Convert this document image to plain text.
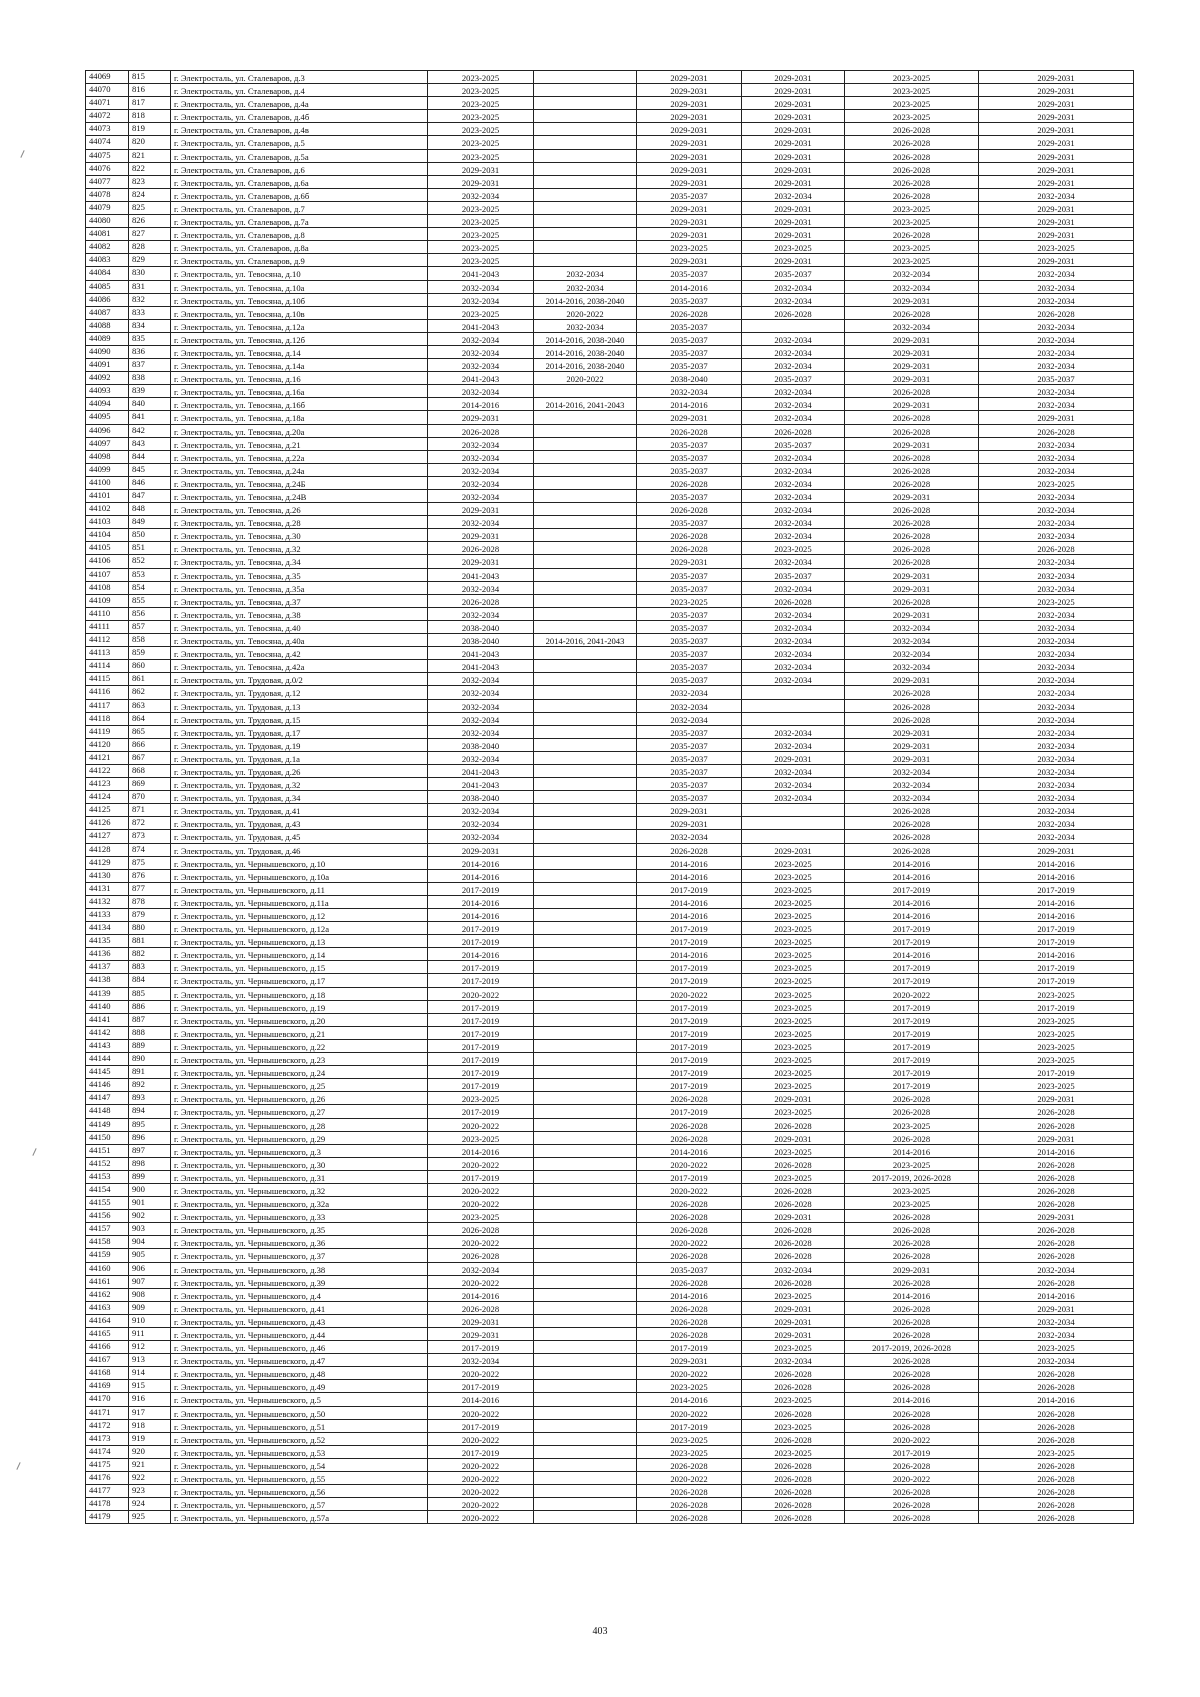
44069	815	г. Электросталь, ул. Сталеваров, д.3	2023-2025		2029-2031	2029-2031	2023-2025	2029-2031
44070	816	г. Электросталь, ул. Сталеваров, д.4	2023-2025		2029-2031	2029-2031	2023-2025	2029-2031
44071	817	г. Электросталь, ул. Сталеваров, д.4а	2023-2025		2029-2031	2029-2031	2023-2025	2029-2031
44072	818	г. Электросталь, ул. Сталеваров, д.4б	2023-2025		2029-2031	2029-2031	2023-2025	2029-2031
44073	819	г. Электросталь, ул. Сталеваров, д.4в	2023-2025		2029-2031	2029-2031	2026-2028	2029-2031
44074	820	г. Электросталь, ул. Сталеваров, д.5	2023-2025		2029-2031	2029-2031	2026-2028	2029-2031
44075	821	г. Электросталь, ул. Сталеваров, д.5а	2023-2025		2029-2031	2029-2031	2026-2028	2029-2031
44076	822	г. Электросталь, ул. Сталеваров, д.6	2029-2031		2029-2031	2029-2031	2026-2028	2029-2031
44077	823	г. Электросталь, ул. Сталеваров, д.6а	2029-2031		2029-2031	2029-2031	2026-2028	2029-2031
44078	824	г. Электросталь, ул. Сталеваров, д.6б	2032-2034		2035-2037	2032-2034	2026-2028	2032-2034
44079	825	г. Электросталь, ул. Сталеваров, д.7	2023-2025		2029-2031	2029-2031	2023-2025	2029-2031
44080	826	г. Электросталь, ул. Сталеваров, д.7а	2023-2025		2029-2031	2029-2031	2023-2025	2029-2031
44081	827	г. Электросталь, ул. Сталеваров, д.8	2023-2025		2029-2031	2029-2031	2026-2028	2029-2031
44082	828	г. Электросталь, ул. Сталеваров, д.8а	2023-2025		2023-2025	2023-2025	2023-2025	2023-2025
44083	829	г. Электросталь, ул. Сталеваров, д.9	2023-2025		2029-2031	2029-2031	2023-2025	2029-2031
44084	830	г. Электросталь, ул. Тевосяна, д.10	2041-2043	2032-2034	2035-2037	2035-2037	2032-2034	2032-2034
44085	831	г. Электросталь, ул. Тевосяна, д.10а	2032-2034	2032-2034	2014-2016	2032-2034	2032-2034	2032-2034
44086	832	г. Электросталь, ул. Тевосяна, д.10б	2032-2034	2014-2016, 2038-2040	2035-2037	2032-2034	2029-2031	2032-2034
44087	833	г. Электросталь, ул. Тевосяна, д.10в	2023-2025	2020-2022	2026-2028	2026-2028	2026-2028	2026-2028
44088	834	г. Электросталь, ул. Тевосяна, д.12а	2041-2043	2032-2034	2035-2037		2032-2034	2032-2034
44089	835	г. Электросталь, ул. Тевосяна, д.12б	2032-2034	2014-2016, 2038-2040	2035-2037	2032-2034	2029-2031	2032-2034
44090	836	г. Электросталь, ул. Тевосяна, д.14	2032-2034	2014-2016, 2038-2040	2035-2037	2032-2034	2029-2031	2032-2034
44091	837	г. Электросталь, ул. Тевосяна, д.14а	2032-2034	2014-2016, 2038-2040	2035-2037	2032-2034	2029-2031	2032-2034
44092	838	г. Электросталь, ул. Тевосяна, д.16	2041-2043	2020-2022	2038-2040	2035-2037	2029-2031	2035-2037
44093	839	г. Электросталь, ул. Тевосяна, д.16а	2032-2034		2032-2034	2032-2034	2026-2028	2032-2034
44094	840	г. Электросталь, ул. Тевосяна, д.16б	2014-2016	2014-2016, 2041-2043	2014-2016	2032-2034	2029-2031	2032-2034
44095	841	г. Электросталь, ул. Тевосяна, д.18а	2029-2031		2029-2031	2032-2034	2026-2028	2029-2031
44096	842	г. Электросталь, ул. Тевосяна, д.20а	2026-2028		2026-2028	2026-2028	2026-2028	2026-2028
44097	843	г. Электросталь, ул. Тевосяна, д.21	2032-2034		2035-2037	2035-2037	2029-2031	2032-2034
44098	844	г. Электросталь, ул. Тевосяна, д.22а	2032-2034		2035-2037	2032-2034	2026-2028	2032-2034
44099	845	г. Электросталь, ул. Тевосяна, д.24а	2032-2034		2035-2037	2032-2034	2026-2028	2032-2034
44100	846	г. Электросталь, ул. Тевосяна, д.24Б	2032-2034		2026-2028	2032-2034	2026-2028	2023-2025
44101	847	г. Электросталь, ул. Тевосяна, д.24В	2032-2034		2035-2037	2032-2034	2029-2031	2032-2034
44102	848	г. Электросталь, ул. Тевосяна, д.26	2029-2031		2026-2028	2032-2034	2026-2028	2032-2034
44103	849	г. Электросталь, ул. Тевосяна, д.28	2032-2034		2035-2037	2032-2034	2026-2028	2032-2034
44104	850	г. Электросталь, ул. Тевосяна, д.30	2029-2031		2026-2028	2032-2034	2026-2028	2032-2034
44105	851	г. Электросталь, ул. Тевосяна, д.32	2026-2028		2026-2028	2023-2025	2026-2028	2026-2028
44106	852	г. Электросталь, ул. Тевосяна, д.34	2029-2031		2029-2031	2032-2034	2026-2028	2032-2034
44107	853	г. Электросталь, ул. Тевосяна, д.35	2041-2043		2035-2037	2035-2037	2029-2031	2032-2034
44108	854	г. Электросталь, ул. Тевосяна, д.35а	2032-2034		2035-2037	2032-2034	2029-2031	2032-2034
44109	855	г. Электросталь, ул. Тевосяна, д.37	2026-2028		2023-2025	2026-2028	2026-2028	2023-2025
44110	856	г. Электросталь, ул. Тевосяна, д.38	2032-2034		2035-2037	2032-2034	2029-2031	2032-2034
44111	857	г. Электросталь, ул. Тевосяна, д.40	2038-2040		2035-2037	2032-2034	2032-2034	2032-2034
44112	858	г. Электросталь, ул. Тевосяна, д.40а	2038-2040	2014-2016, 2041-2043	2035-2037	2032-2034	2032-2034	2032-2034
44113	859	г. Электросталь, ул. Тевосяна, д.42	2041-2043		2035-2037	2032-2034	2032-2034	2032-2034
44114	860	г. Электросталь, ул. Тевосяна, д.42а	2041-2043		2035-2037	2032-2034	2032-2034	2032-2034
44115	861	г. Электросталь, ул. Трудовая, д.0/2	2032-2034		2035-2037	2032-2034	2029-2031	2032-2034
44116	862	г. Электросталь, ул. Трудовая, д.12	2032-2034		2032-2034		2026-2028	2032-2034
44117	863	г. Электросталь, ул. Трудовая, д.13	2032-2034		2032-2034		2026-2028	2032-2034
44118	864	г. Электросталь, ул. Трудовая, д.15	2032-2034		2032-2034		2026-2028	2032-2034
44119	865	г. Электросталь, ул. Трудовая, д.17	2032-2034		2035-2037	2032-2034	2029-2031	2032-2034
44120	866	г. Электросталь, ул. Трудовая, д.19	2038-2040		2035-2037	2032-2034	2029-2031	2032-2034
44121	867	г. Электросталь, ул. Трудовая, д.1а	2032-2034		2035-2037	2029-2031	2029-2031	2032-2034
44122	868	г. Электросталь, ул. Трудовая, д.26	2041-2043		2035-2037	2032-2034	2032-2034	2032-2034
44123	869	г. Электросталь, ул. Трудовая, д.32	2041-2043		2035-2037	2032-2034	2032-2034	2032-2034
44124	870	г. Электросталь, ул. Трудовая, д.34	2038-2040		2035-2037	2032-2034	2032-2034	2032-2034
44125	871	г. Электросталь, ул. Трудовая, д.41	2032-2034		2029-2031		2026-2028	2032-2034
44126	872	г. Электросталь, ул. Трудовая, д.43	2032-2034		2029-2031		2026-2028	2032-2034
44127	873	г. Электросталь, ул. Трудовая, д.45	2032-2034		2032-2034		2026-2028	2032-2034
44128	874	г. Электросталь, ул. Трудовая, д.46	2029-2031		2026-2028	2029-2031	2026-2028	2029-2031
44129	875	г. Электросталь, ул. Чернышевского, д.10	2014-2016		2014-2016	2023-2025	2014-2016	2014-2016
44130	876	г. Электросталь, ул. Чернышевского, д.10а	2014-2016		2014-2016	2023-2025	2014-2016	2014-2016
44131	877	г. Электросталь, ул. Чернышевского, д.11	2017-2019		2017-2019	2023-2025	2017-2019	2017-2019
44132	878	г. Электросталь, ул. Чернышевского, д.11а	2014-2016		2014-2016	2023-2025	2014-2016	2014-2016
44133	879	г. Электросталь, ул. Чернышевского, д.12	2014-2016		2014-2016	2023-2025	2014-2016	2014-2016
44134	880	г. Электросталь, ул. Чернышевского, д.12а	2017-2019		2017-2019	2023-2025	2017-2019	2017-2019
44135	881	г. Электросталь, ул. Чернышевского, д.13	2017-2019		2017-2019	2023-2025	2017-2019	2017-2019
44136	882	г. Электросталь, ул. Чернышевского, д.14	2014-2016		2014-2016	2023-2025	2014-2016	2014-2016
44137	883	г. Электросталь, ул. Чернышевского, д.15	2017-2019		2017-2019	2023-2025	2017-2019	2017-2019
44138	884	г. Электросталь, ул. Чернышевского, д.17	2017-2019		2017-2019	2023-2025	2017-2019	2017-2019
44139	885	г. Электросталь, ул. Чернышевского, д.18	2020-2022		2020-2022	2023-2025	2020-2022	2023-2025
44140	886	г. Электросталь, ул. Чернышевского, д.19	2017-2019		2017-2019	2023-2025	2017-2019	2017-2019
44141	887	г. Электросталь, ул. Чернышевского, д.20	2017-2019		2017-2019	2023-2025	2017-2019	2023-2025
44142	888	г. Электросталь, ул. Чернышевского, д.21	2017-2019		2017-2019	2023-2025	2017-2019	2023-2025
44143	889	г. Электросталь, ул. Чернышевского, д.22	2017-2019		2017-2019	2023-2025	2017-2019	2023-2025
44144	890	г. Электросталь, ул. Чернышевского, д.23	2017-2019		2017-2019	2023-2025	2017-2019	2023-2025
44145	891	г. Электросталь, ул. Чернышевского, д.24	2017-2019		2017-2019	2023-2025	2017-2019	2017-2019
44146	892	г. Электросталь, ул. Чернышевского, д.25	2017-2019		2017-2019	2023-2025	2017-2019	2023-2025
44147	893	г. Электросталь, ул. Чернышевского, д.26	2023-2025		2026-2028	2029-2031	2026-2028	2029-2031
44148	894	г. Электросталь, ул. Чернышевского, д.27	2017-2019		2017-2019	2023-2025	2026-2028	2026-2028
44149	895	г. Электросталь, ул. Чернышевского, д.28	2020-2022		2026-2028	2026-2028	2023-2025	2026-2028
44150	896	г. Электросталь, ул. Чернышевского, д.29	2023-2025		2026-2028	2029-2031	2026-2028	2029-2031
44151	897	г. Электросталь, ул. Чернышевского, д.3	2014-2016		2014-2016	2023-2025	2014-2016	2014-2016
44152	898	г. Электросталь, ул. Чернышевского, д.30	2020-2022		2020-2022	2026-2028	2023-2025	2026-2028
44153	899	г. Электросталь, ул. Чернышевского, д.31	2017-2019		2017-2019	2023-2025	2017-2019, 2026-2028	2026-2028
44154	900	г. Электросталь, ул. Чернышевского, д.32	2020-2022		2020-2022	2026-2028	2023-2025	2026-2028
44155	901	г. Электросталь, ул. Чернышевского, д.32а	2020-2022		2026-2028	2026-2028	2023-2025	2026-2028
44156	902	г. Электросталь, ул. Чернышевского, д.33	2023-2025		2026-2028	2029-2031	2026-2028	2029-2031
44157	903	г. Электросталь, ул. Чернышевского, д.35	2026-2028		2026-2028	2026-2028	2026-2028	2026-2028
44158	904	г. Электросталь, ул. Чернышевского, д.36	2020-2022		2020-2022	2026-2028	2026-2028	2026-2028
44159	905	г. Электросталь, ул. Чернышевского, д.37	2026-2028		2026-2028	2026-2028	2026-2028	2026-2028
44160	906	г. Электросталь, ул. Чернышевского, д.38	2032-2034		2035-2037	2032-2034	2029-2031	2032-2034
44161	907	г. Электросталь, ул. Чернышевского, д.39	2020-2022		2026-2028	2026-2028	2026-2028	2026-2028
44162	908	г. Электросталь, ул. Чернышевского, д.4	2014-2016		2014-2016	2023-2025	2014-2016	2014-2016
44163	909	г. Электросталь, ул. Чернышевского, д.41	2026-2028		2026-2028	2029-2031	2026-2028	2029-2031
44164	910	г. Электросталь, ул. Чернышевского, д.43	2029-2031		2026-2028	2029-2031	2026-2028	2032-2034
44165	911	г. Электросталь, ул. Чернышевского, д.44	2029-2031		2026-2028	2029-2031	2026-2028	2032-2034
44166	912	г. Электросталь, ул. Чернышевского, д.46	2017-2019		2017-2019	2023-2025	2017-2019, 2026-2028	2023-2025
44167	913	г. Электросталь, ул. Чернышевского, д.47	2032-2034		2029-2031	2032-2034	2026-2028	2032-2034
44168	914	г. Электросталь, ул. Чернышевского, д.48	2020-2022		2020-2022	2026-2028	2026-2028	2026-2028
44169	915	г. Электросталь, ул. Чернышевского, д.49	2017-2019		2023-2025	2026-2028	2026-2028	2026-2028
44170	916	г. Электросталь, ул. Чернышевского, д.5	2014-2016		2014-2016	2023-2025	2014-2016	2014-2016
44171	917	г. Электросталь, ул. Чернышевского, д.50	2020-2022		2020-2022	2026-2028	2026-2028	2026-2028
44172	918	г. Электросталь, ул. Чернышевского, д.51	2017-2019		2017-2019	2023-2025	2026-2028	2026-2028
44173	919	г. Электросталь, ул. Чернышевского, д.52	2020-2022		2023-2025	2026-2028	2020-2022	2026-2028
44174	920	г. Электросталь, ул. Чернышевского, д.53	2017-2019		2023-2025	2023-2025	2017-2019	2023-2025
44175	921	г. Электросталь, ул. Чернышевского, д.54	2020-2022		2026-2028	2026-2028	2026-2028	2026-2028
44176	922	г. Электросталь, ул. Чернышевского, д.55	2020-2022		2020-2022	2026-2028	2020-2022	2026-2028
44177	923	г. Электросталь, ул. Чернышевского, д.56	2020-2022		2026-2028	2026-2028	2026-2028	2026-2028
44178	924	г. Электросталь, ул. Чернышевского, д.57	2020-2022		2026-2028	2026-2028	2026-2028	2026-2028
44179	925	г. Электросталь, ул. Чернышевского, д.57а	2020-2022		2026-2028	2026-2028	2026-2028	2026-2028
403
